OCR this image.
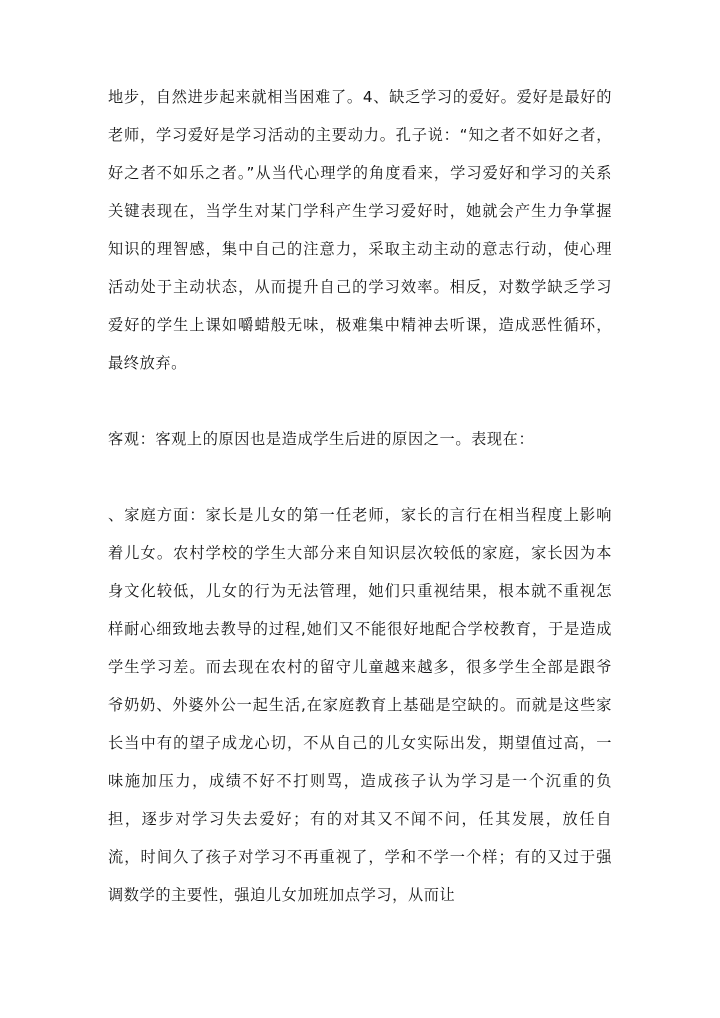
地步，自然进步起来就相当困难了。4、缺乏学习的爱好。爱好是最好的老师，学习爱好是学习活动的主要动力。孔子说：“知之者不如好之者，好之者不如乐之者。”从当代心理学的角度看来，学习爱好和学习的关系关键表现在，当学生对某门学科产生学习爱好时，她就会产生力争掌握知识的理智感，集中自己的注意力，采取主动主动的意志行动，使心理活动处于主动状态，从而提升自己的学习效率。相反，对数学缺乏学习爱好的学生上课如嚼蜡般无味，极难集中精神去听课，造成恶性循环，最终放弃。

客观：客观上的原因也是造成学生后进的原因之一。表现在：

、家庭方面：家长是儿女的第一任老师，家长的言行在相当程度上影响着儿女。农村学校的学生大部分来自知识层次较低的家庭，家长因为本身文化较低，儿女的行为无法管理，她们只重视结果，根本就不重视怎样耐心细致地去教导的过程,她们又不能很好地配合学校教育，于是造成学生学习差。而去现在农村的留守儿童越来越多，很多学生全部是跟爷爷奶奶、外婆外公一起生活,在家庭教育上基础是空缺的。而就是这些家长当中有的望子成龙心切，不从自己的儿女实际出发，期望值过高，一味施加压力，成绩不好不打则骂，造成孩子认为学习是一个沉重的负担，逐步对学习失去爱好；有的对其又不闻不问，任其发展，放任自流，时间久了孩子对学习不再重视了，学和不学一个样；有的又过于强调数学的主要性，强迫儿女加班加点学习，从而让
